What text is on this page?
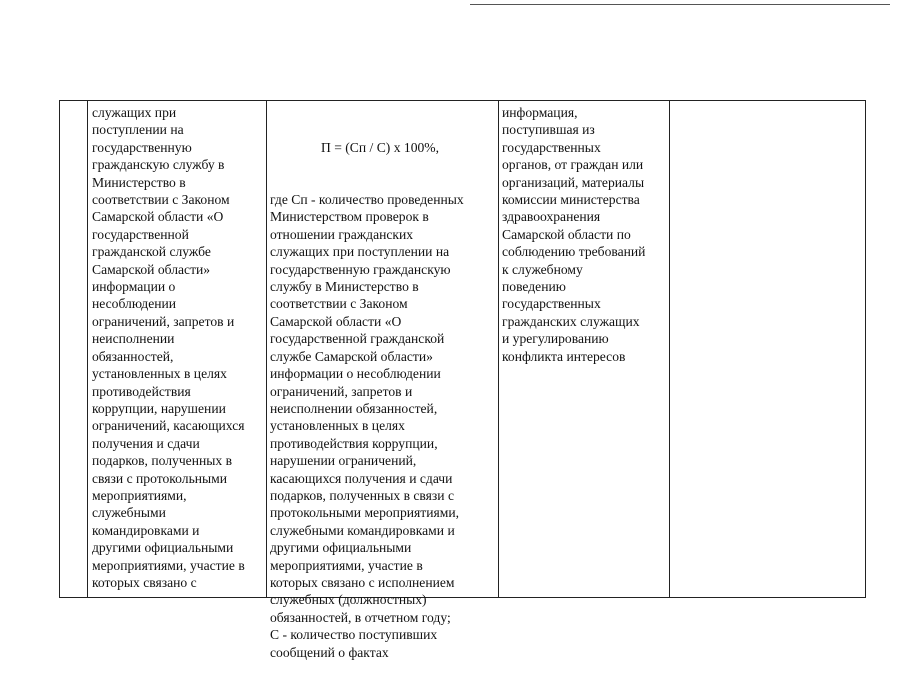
служащих при
поступлении на
государственную
гражданскую службу в
Министерство в
соответствии с Законом
Самарской области «О
государственной
гражданской службе
Самарской области»
информации о
несоблюдении
ограничений, запретов и
неисполнении
обязанностей,
установленных в целях
противодействия
коррупции, нарушении
ограничений, касающихся
получения и сдачи
подарков, полученных в
связи с протокольными
мероприятиями,
служебными
командировками и
другими официальными
мероприятиями, участие в
которых связано с

П = (Сп / С) х 100%,

где Сп - количество проведенных
Министерством проверок в
отношении гражданских
служащих при поступлении на
государственную гражданскую
службу в Министерство в
соответствии с Законом
Самарской области «О
государственной гражданской
службе Самарской области»
информации о несоблюдении
ограничений, запретов и
неисполнении обязанностей,
установленных в целях
противодействия коррупции,
нарушении ограничений,
касающихся получения и сдачи
подарков, полученных в связи с
протокольными мероприятиями,
служебными командировками и
другими официальными
мероприятиями, участие в
которых связано с исполнением
служебных (должностных)
обязанностей, в отчетном году;
С - количество поступивших
сообщений о фактах

информация,
поступившая из
государственных
органов, от граждан или
организаций, материалы
комиссии министерства
здравоохранения
Самарской области по
соблюдению требований
к служебному
поведению
государственных
гражданских служащих
и урегулированию
конфликта интересов
